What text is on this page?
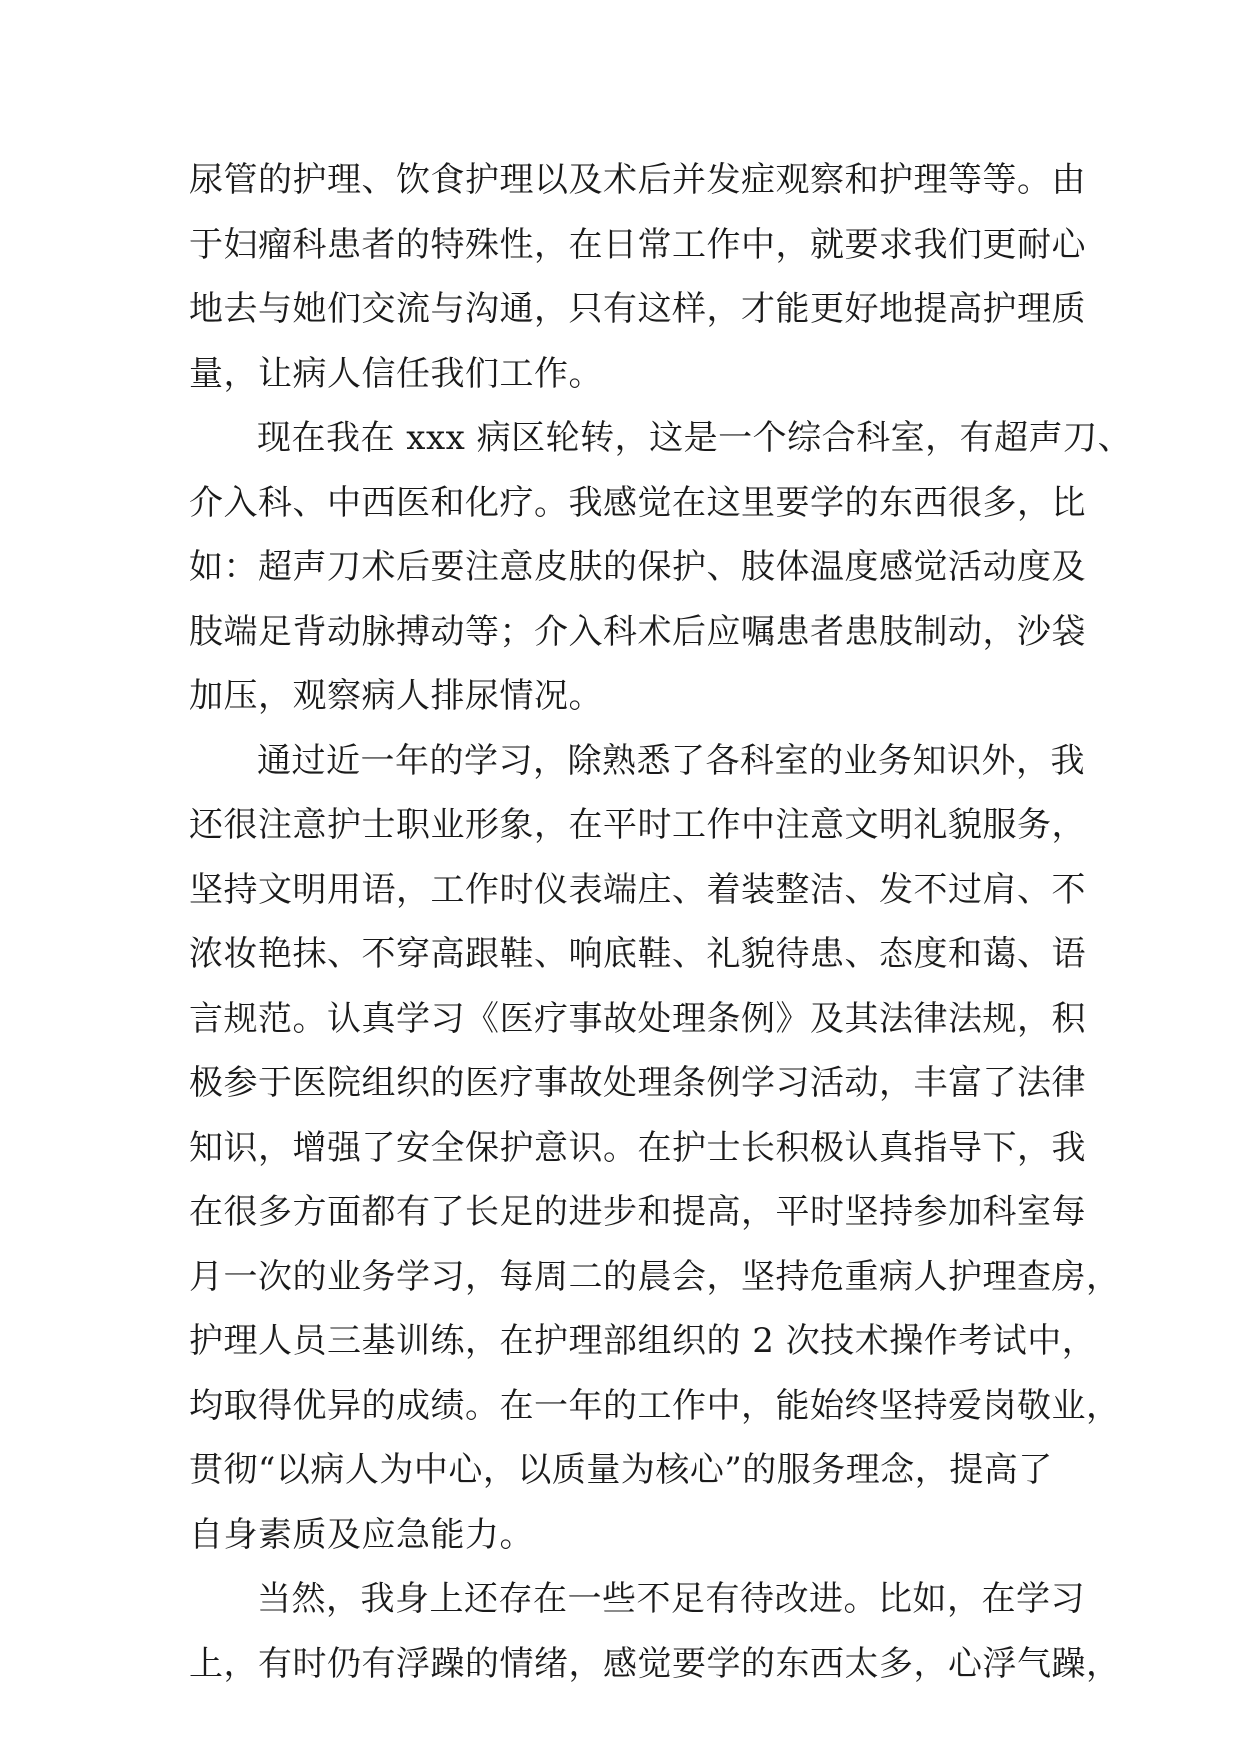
尿管的护理、饮食护理以及术后并发症观察和护理等等。由
于妇瘤科患者的特殊性，在日常工作中，就要求我们更耐心
地去与她们交流与沟通，只有这样，才能更好地提高护理质
量，让病人信任我们工作。
现在我在 xxx 病区轮转，这是一个综合科室，有超声刀、
介入科、中西医和化疗。我感觉在这里要学的东西很多，比
如：超声刀术后要注意皮肤的保护、肢体温度感觉活动度及
肢端足背动脉搏动等；介入科术后应嘱患者患肢制动，沙袋
加压，观察病人排尿情况。
通过近一年的学习，除熟悉了各科室的业务知识外，我
还很注意护士职业形象，在平时工作中注意文明礼貌服务，
坚持文明用语，工作时仪表端庄、着装整洁、发不过肩、不
浓妆艳抹、不穿高跟鞋、响底鞋、礼貌待患、态度和蔼、语
言规范。认真学习《医疗事故处理条例》及其法律法规，积
极参于医院组织的医疗事故处理条例学习活动，丰富了法律
知识，增强了安全保护意识。在护士长积极认真指导下，我
在很多方面都有了长足的进步和提高，平时坚持参加科室每
月一次的业务学习，每周二的晨会，坚持危重病人护理查房，
护理人员三基训练，在护理部组织的 2 次技术操作考试中，
均取得优异的成绩。在一年的工作中，能始终坚持爱岗敬业，
贯彻“以病人为中心，以质量为核心”的服务理念，提高了
自身素质及应急能力。
当然，我身上还存在一些不足有待改进。比如，在学习
上，有时仍有浮躁的情绪，感觉要学的东西太多，心浮气躁，
